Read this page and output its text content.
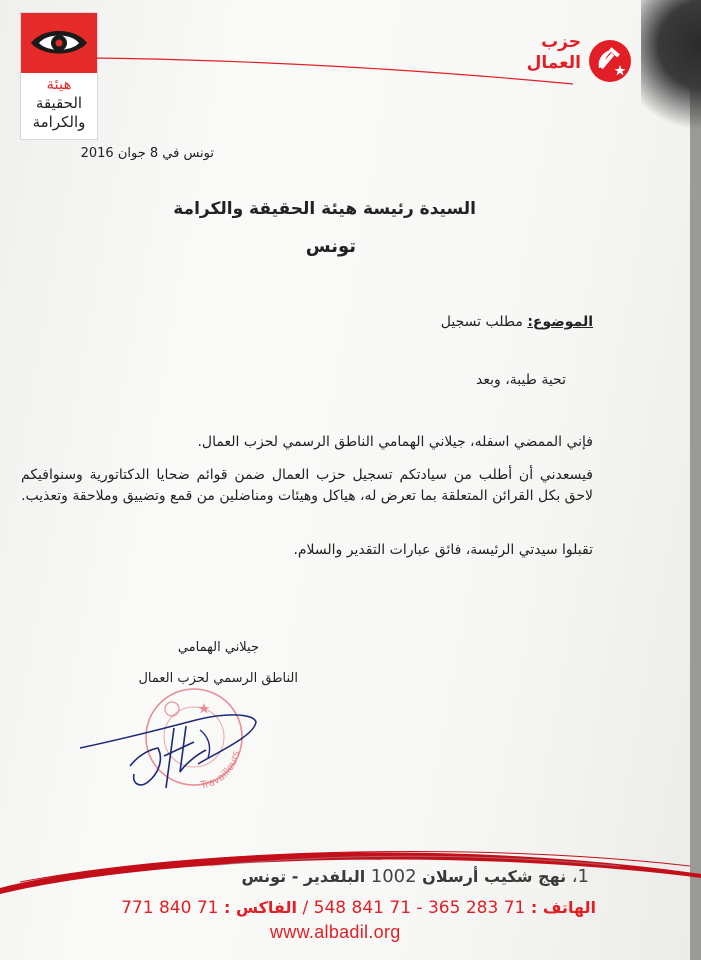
هيئة
الحقيقة
والكرامة
حزب
العمال
تونس في 8 جوان 2016
السيدة رئيسة هيئة الحقيقة والكرامة
تونس
الموضوع: مطلب تسجيل
تحية طيبة، وبعد
فإني الممضي اسفله، جيلاني الهمامي الناطق الرسمي لحزب العمال.
فيسعدني أن أطلب من سيادتكم تسجيل حزب العمال ضمن قوائم ضحايا الدكتاتورية وسنوافيكم لاحق بكل القرائن المتعلقة بما تعرض له، هياكل وهيئات ومناضلين من قمع وتضييق وملاحقة وتعذيب.
تقبلوا سيدتي الرئيسة، فائق عبارات التقدير والسلام.
جيلاني الهمامي
الناطق الرسمي لحزب العمال
Travailleurs
1، نهج شكيب أرسلان 1002 البلفدير - تونس
الهاتف : 71 283 365 - 71 841 548 / الفاكس : 71 840 771
www.albadil.org
